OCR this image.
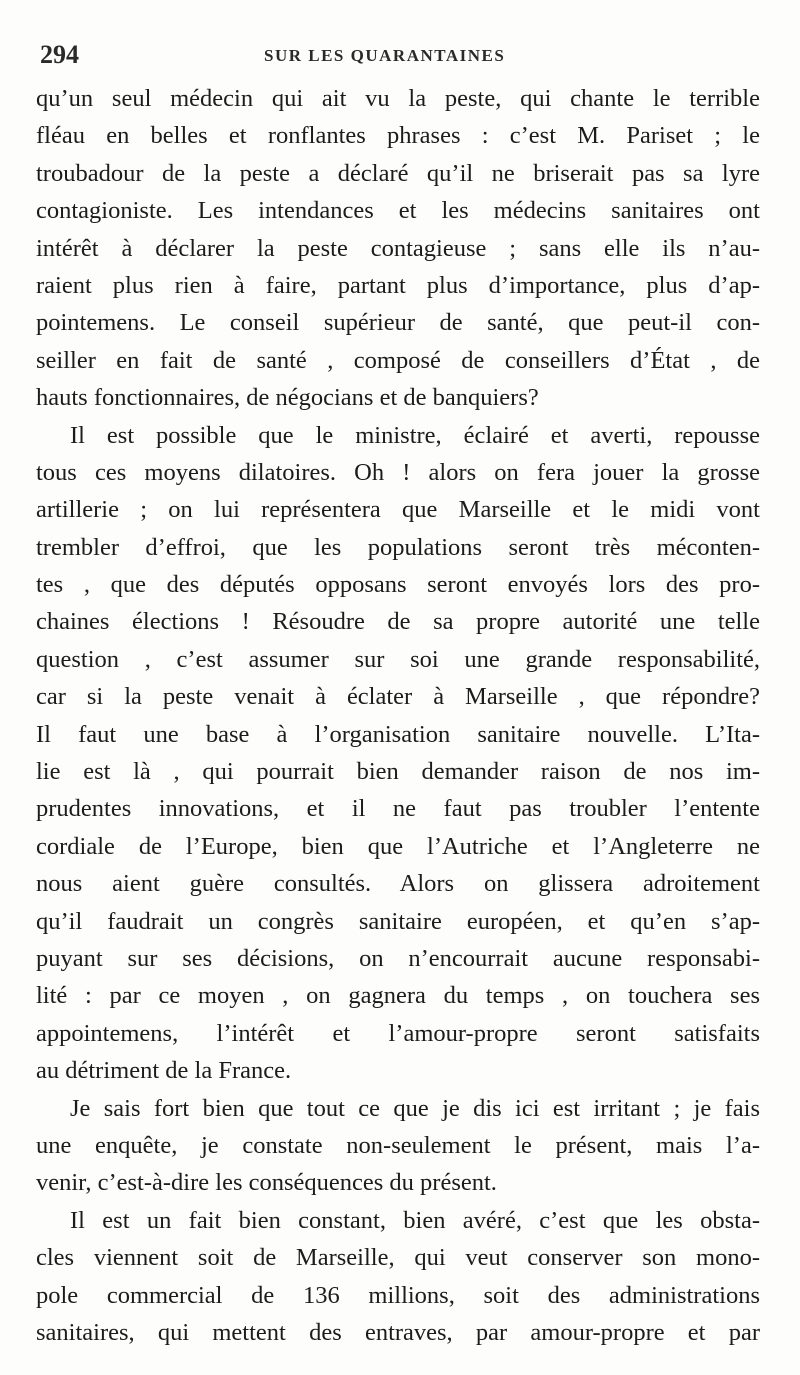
294	SUR LES QUARANTAINES
qu’un seul médecin qui ait vu la peste, qui chante le terrible
fléau en belles et ronflantes phrases : c’est M. Pariset ; le
troubadour de la peste a déclaré qu’il ne briserait pas sa lyre
contagioniste. Les intendances et les médecins sanitaires ont
intérêt à déclarer la peste contagieuse ; sans elle ils n’au-
raient plus rien à faire, partant plus d’importance, plus d’ap-
pointemens. Le conseil supérieur de santé, que peut-il con-
seiller en fait de santé , composé de conseillers d’État , de
hauts fonctionnaires, de négocians et de banquiers?
Il est possible que le ministre, éclairé et averti, repousse
tous ces moyens dilatoires. Oh ! alors on fera jouer la grosse
artillerie ; on lui représentera que Marseille et le midi vont
trembler d’effroi, que les populations seront très méconten-
tes , que des députés opposans seront envoyés lors des pro-
chaines élections ! Résoudre de sa propre autorité une telle
question , c’est assumer sur soi une grande responsabilité,
car si la peste venait à éclater à Marseille , que répondre?
Il faut une base à l’organisation sanitaire nouvelle. L’Ita-
lie est là , qui pourrait bien demander raison de nos im-
prudentes innovations, et il ne faut pas troubler l’entente
cordiale de l’Europe, bien que l’Autriche et l’Angleterre ne
nous aient guère consultés. Alors on glissera adroitement
qu’il faudrait un congrès sanitaire européen, et qu’en s’ap-
puyant sur ses décisions, on n’encourrait aucune responsabi-
lité : par ce moyen , on gagnera du temps , on touchera ses
appointemens, l’intérêt et l’amour-propre seront satisfaits
au détriment de la France.
Je sais fort bien que tout ce que je dis ici est irritant ; je fais
une enquête, je constate non-seulement le présent, mais l’a-
venir, c’est-à-dire les conséquences du présent.
Il est un fait bien constant, bien avéré, c’est que les obsta-
cles viennent soit de Marseille, qui veut conserver son mono-
pole commercial de 136 millions, soit des administrations
sanitaires, qui mettent des entraves, par amour-propre et par
